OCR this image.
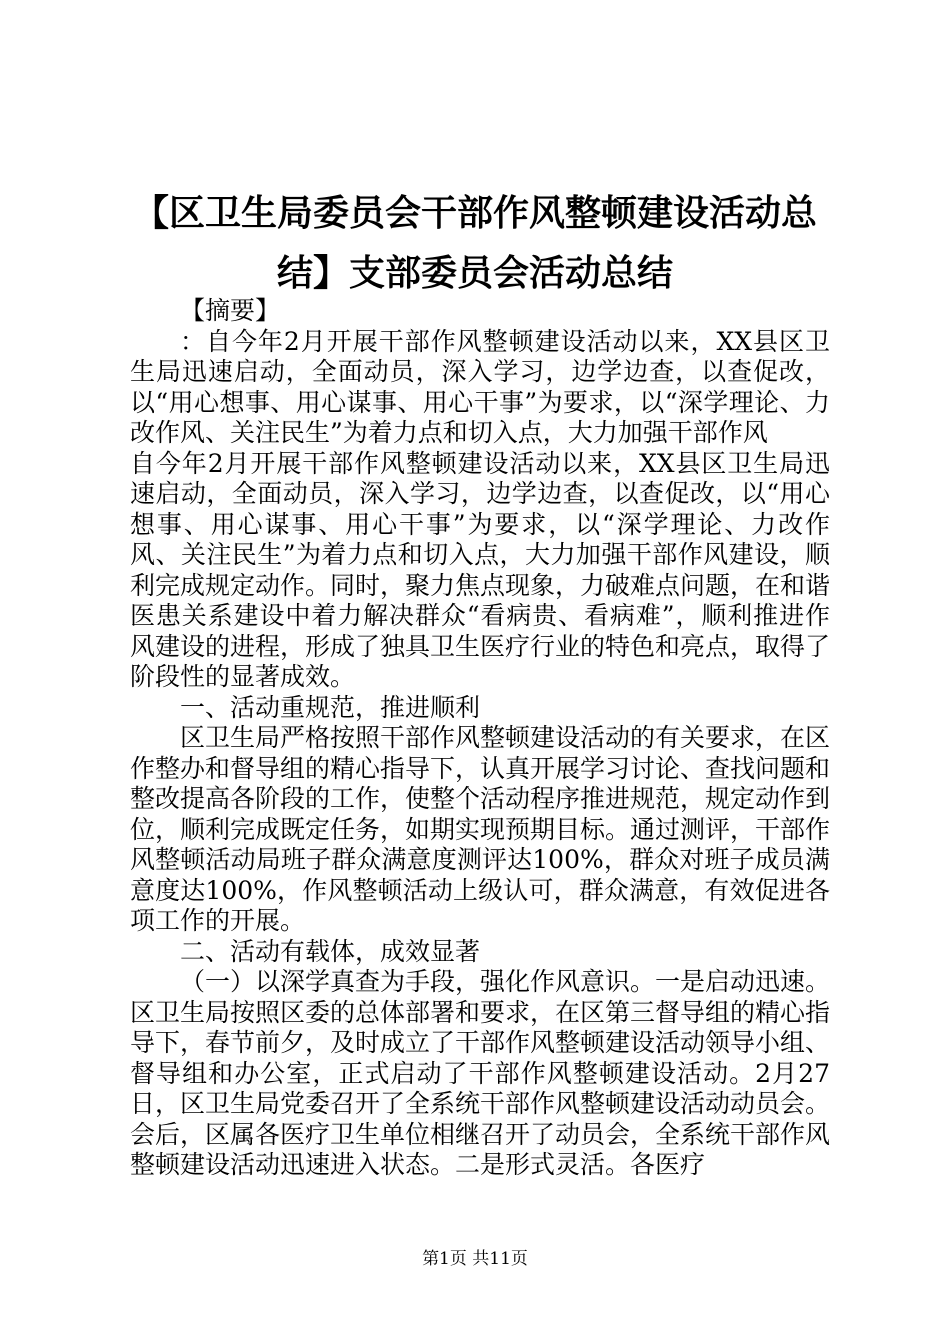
【区卫生局委员会干部作风整顿建设活动总结】支部委员会活动总结

【摘要】

：自今年2月开展干部作风整顿建设活动以来，XX县区卫生局迅速启动，全面动员，深入学习，边学边查，以查促改，以“用心想事、用心谋事、用心干事”为要求，以“深学理论、力改作风、关注民生”为着力点和切入点，大力加强干部作风

自今年2月开展干部作风整顿建设活动以来，XX县区卫生局迅速启动，全面动员，深入学习，边学边查，以查促改，以“用心想事、用心谋事、用心干事”为要求，以“深学理论、力改作风、关注民生”为着力点和切入点，大力加强干部作风建设，顺利完成规定动作。同时，聚力焦点现象，力破难点问题，在和谐医患关系建设中着力解决群众“看病贵、看病难”，顺利推进作风建设的进程，形成了独具卫生医疗行业的特色和亮点，取得了阶段性的显著成效。

一、活动重规范，推进顺利

区卫生局严格按照干部作风整顿建设活动的有关要求，在区作整办和督导组的精心指导下，认真开展学习讨论、查找问题和整改提高各阶段的工作，使整个活动程序推进规范，规定动作到位，顺利完成既定任务，如期实现预期目标。通过测评，干部作风整顿活动局班子群众满意度测评达100%，群众对班子成员满意度达100%，作风整顿活动上级认可，群众满意，有效促进各项工作的开展。

二、活动有载体，成效显著

（一）以深学真查为手段，强化作风意识。一是启动迅速。区卫生局按照区委的总体部署和要求，在区第三督导组的精心指导下，春节前夕，及时成立了干部作风整顿建设活动领导小组、督导组和办公室，正式启动了干部作风整顿建设活动。2月27日，区卫生局党委召开了全系统干部作风整顿建设活动动员会。会后，区属各医疗卫生单位相继召开了动员会，全系统干部作风整顿建设活动迅速进入状态。二是形式灵活。各医疗

第1页 共11页
